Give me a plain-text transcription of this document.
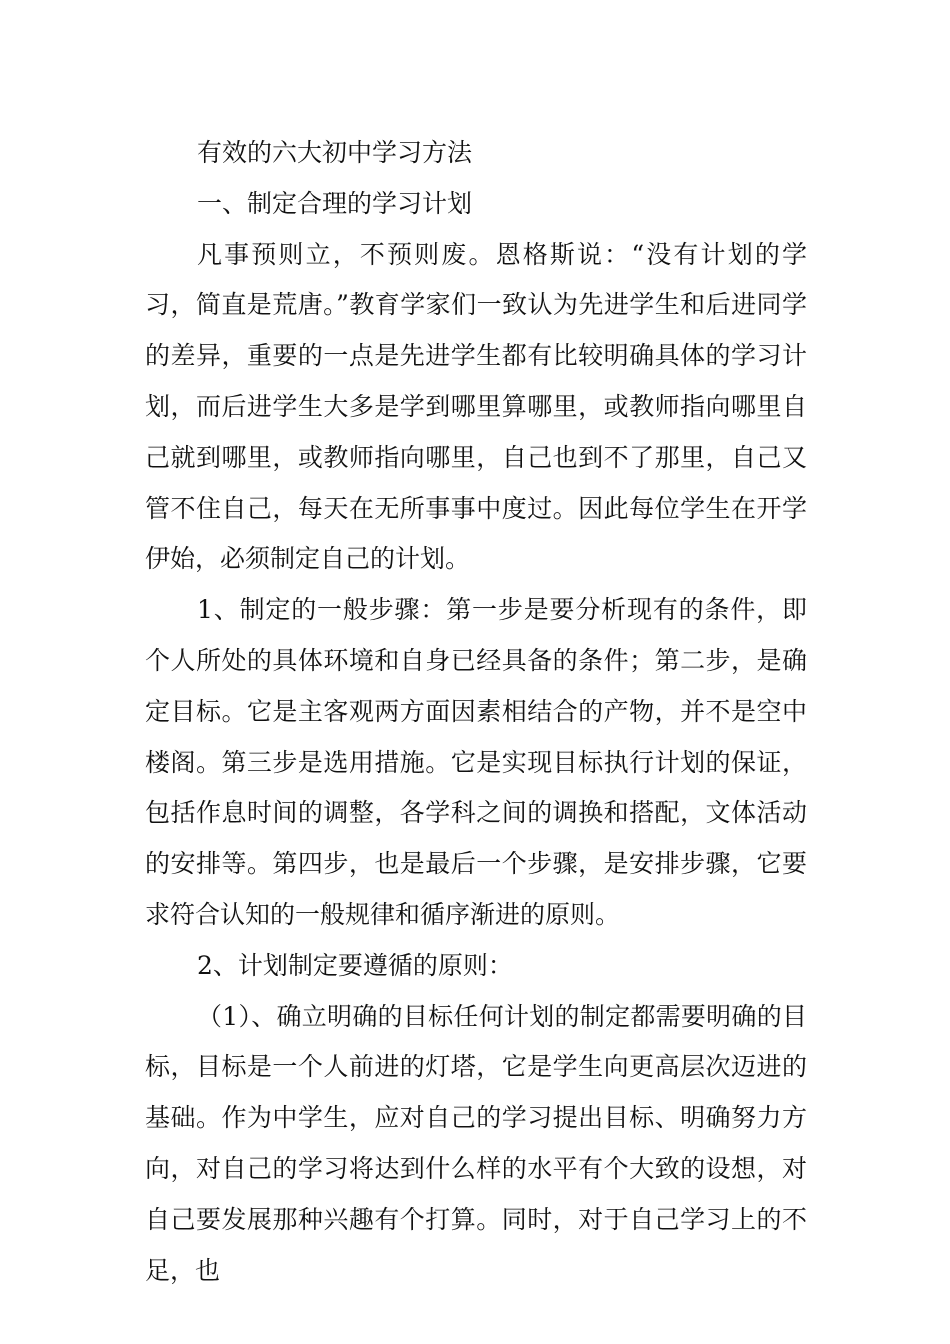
有效的六大初中学习方法

一、制定合理的学习计划

凡事预则立，不预则废。恩格斯说：“没有计划的学习，简直是荒唐。”教育学家们一致认为先进学生和后进同学的差异，重要的一点是先进学生都有比较明确具体的学习计划，而后进学生大多是学到哪里算哪里，或教师指向哪里自己就到哪里，或教师指向哪里，自己也到不了那里，自己又管不住自己，每天在无所事事中度过。因此每位学生在开学伊始，必须制定自己的计划。

1、制定的一般步骤：第一步是要分析现有的条件，即个人所处的具体环境和自身已经具备的条件；第二步，是确定目标。它是主客观两方面因素相结合的产物，并不是空中楼阁。第三步是选用措施。它是实现目标执行计划的保证，包括作息时间的调整，各学科之间的调换和搭配，文体活动的安排等。第四步，也是最后一个步骤，是安排步骤，它要求符合认知的一般规律和循序渐进的原则。

2、计划制定要遵循的原则：

（1）、确立明确的目标任何计划的制定都需要明确的目标，目标是一个人前进的灯塔，它是学生向更高层次迈进的基础。作为中学生，应对自己的学习提出目标、明确努力方向，对自己的学习将达到什么样的水平有个大致的设想，对自己要发展那种兴趣有个打算。同时，对于自己学习上的不足，也
